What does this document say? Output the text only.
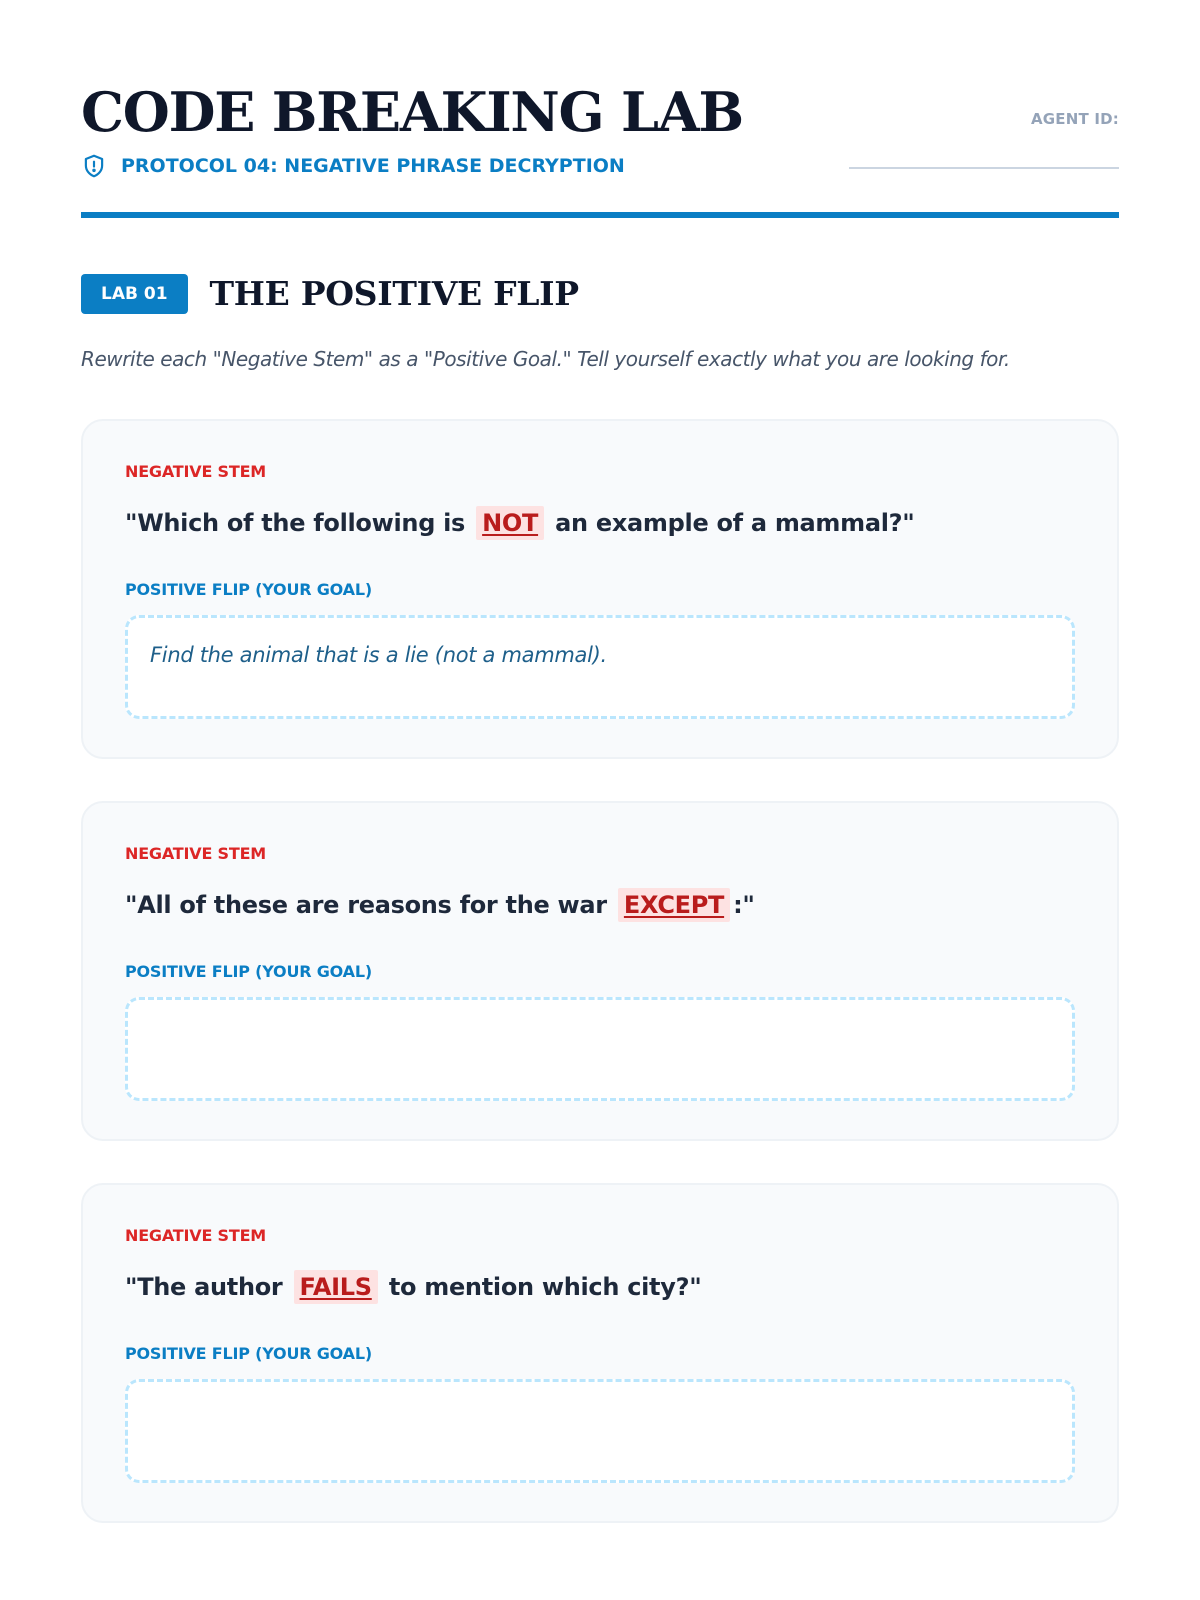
CODE BREAKING LAB
PROTOCOL 04: NEGATIVE PHRASE DECRYPTION
AGENT ID:
LAB 01	THE POSITIVE FLIP
Rewrite each "Negative Stem" as a "Positive Goal." Tell yourself exactly what you are looking for.
NEGATIVE STEM
"Which of the following is NOT an example of a mammal?"
POSITIVE FLIP (YOUR GOAL)
Find the animal that is a lie (not a mammal).
NEGATIVE STEM
"All of these are reasons for the war EXCEPT :"
POSITIVE FLIP (YOUR GOAL)
NEGATIVE STEM
"The author FAILS to mention which city?"
POSITIVE FLIP (YOUR GOAL)
